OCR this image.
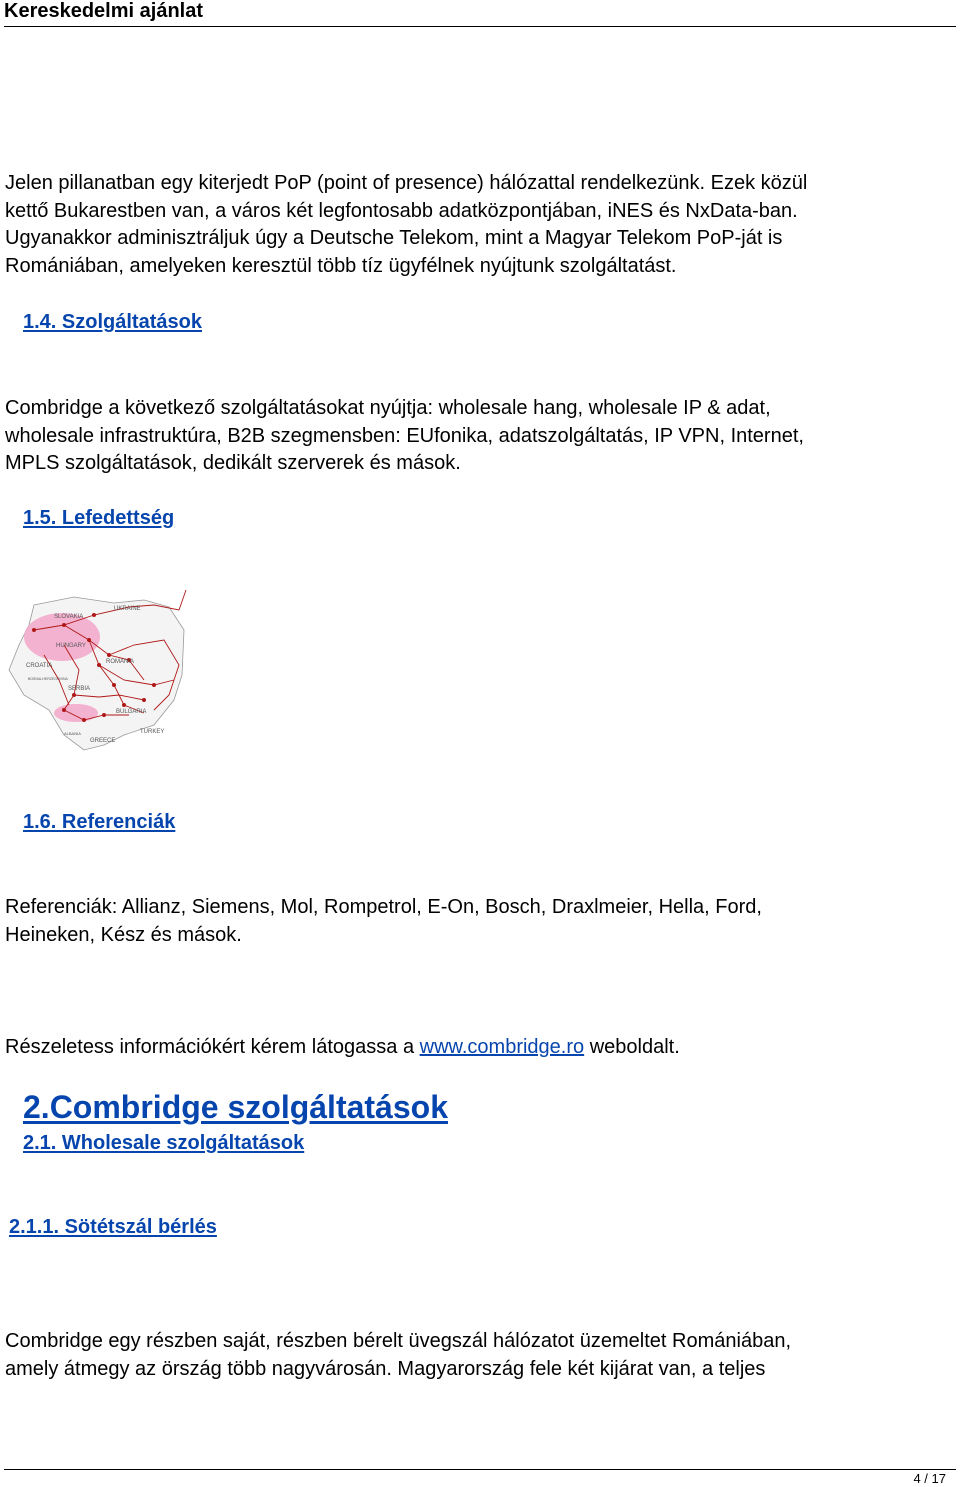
Kereskedelmi ajánlat
Jelen pillanatban egy kiterjedt PoP (point of presence) hálózattal rendelkezünk. Ezek közül
kettő Bukarestben van, a város két legfontosabb adatközpontjában, iNES és NxData-ban.
Ugyanakkor adminisztráljuk úgy a Deutsche Telekom, mint a Magyar Telekom PoP-ját is
Romániában, amelyeken keresztül több tíz ügyfélnek nyújtunk szolgáltatást.
1.4. Szolgáltatások
Combridge a következő szolgáltatásokat nyújtja: wholesale hang, wholesale IP & adat,
wholesale infrastruktúra, B2B szegmensben: EUfonika, adatszolgáltatás, IP VPN, Internet,
MPLS szolgáltatások, dedikált szerverek és mások.
1.5. Lefedettség
SLOVAKIA
UKRAINE
HUNGARY
CROATIA
ROMANIA
BOSNIA-HERZEGOVINA
SERBIA
BULGARIA
TURKEY
GREECE
ALBANIA
1.6. Referenciák
Referenciák: Allianz, Siemens, Mol, Rompetrol, E-On, Bosch, Draxlmeier, Hella, Ford,
Heineken, Kész és mások.
Részeletess információkért kérem látogassa a www.combridge.ro weboldalt.
2.Combridge szolgáltatások
2.1. Wholesale szolgáltatások
2.1.1. Sötétszál bérlés
Combridge egy részben saját, részben bérelt üvegszál hálózatot üzemeltet Romániában,
amely átmegy az örszág több nagyvárosán. Magyarország fele két kijárat van, a teljes
4 / 17
